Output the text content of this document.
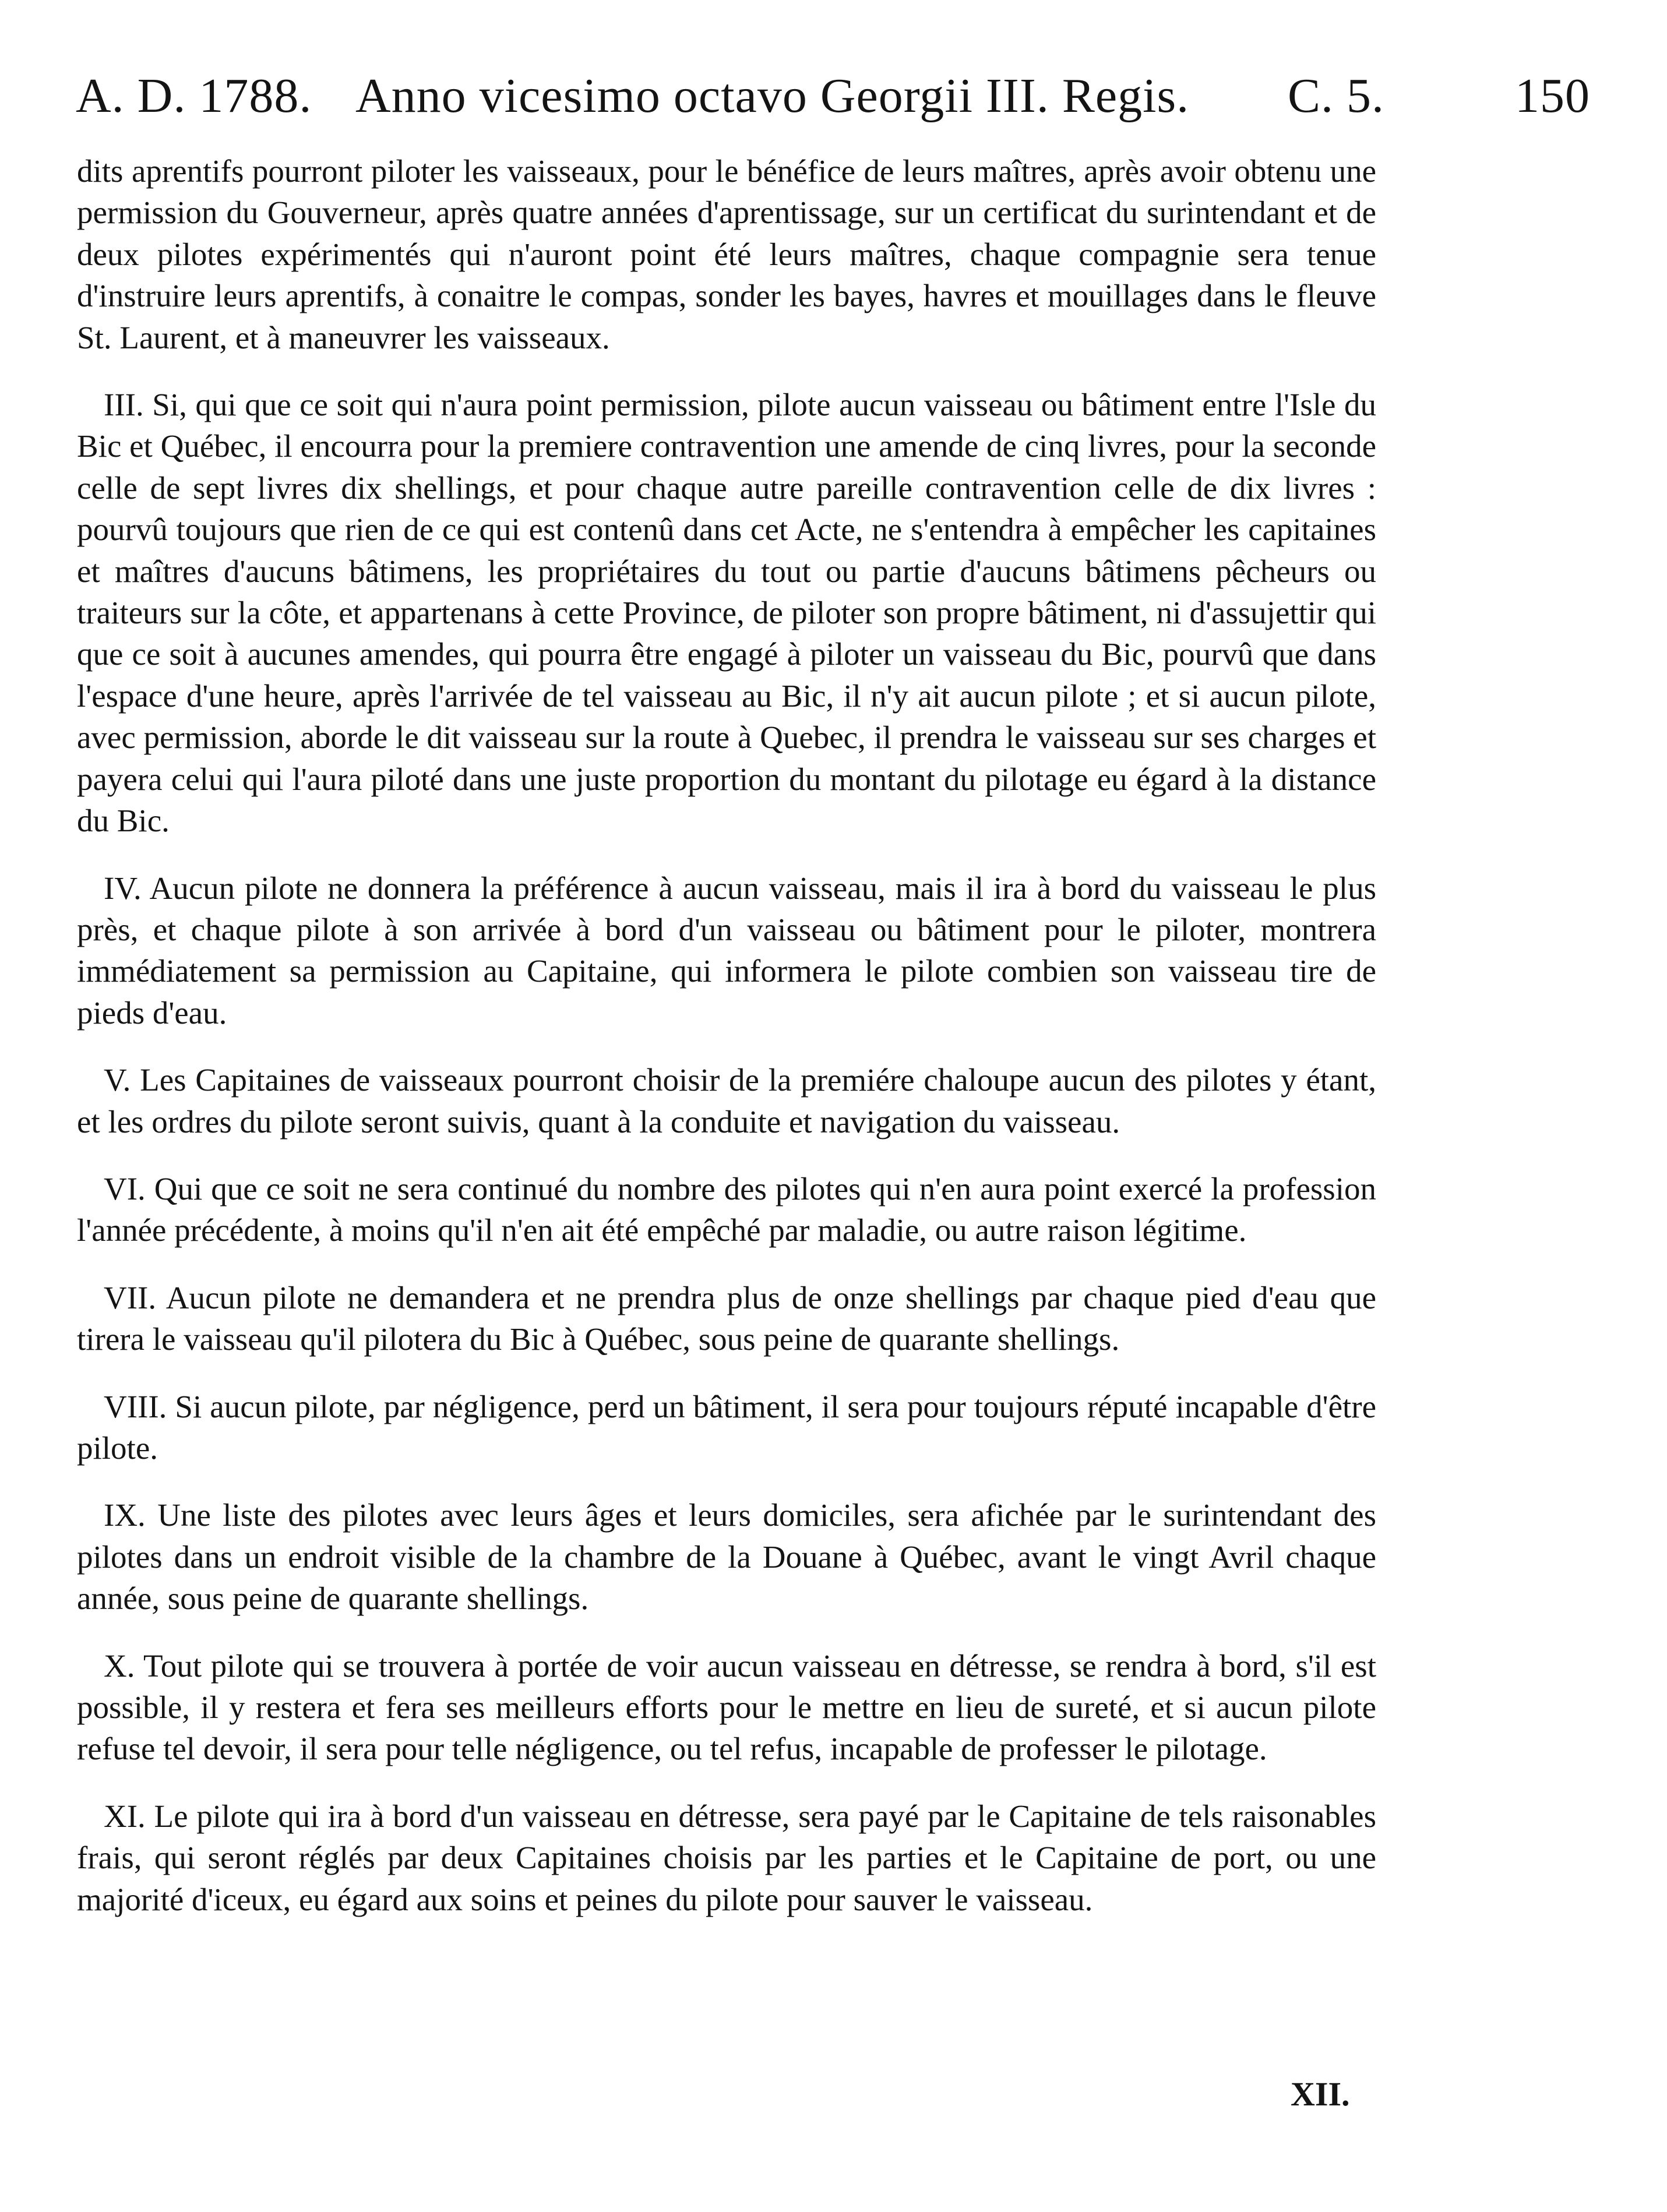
A. D. 1788. Anno vicesimo octavo Georgii III. Regis. C. 5.	150

dits aprentifs pourront piloter les vaisseaux, pour le bénéfice de leurs maîtres, après avoir obtenu une permission du Gouverneur, après quatre années d'aprentissage, sur un certificat du surintendant et de deux pilotes expérimentés qui n'auront point été leurs maîtres, chaque compagnie sera tenue d'instruire leurs aprentifs, à conaitre le compas, sonder les bayes, havres et mouillages dans le fleuve St. Laurent, et à maneuvrer les vaisseaux.

III. Si, qui que ce soit qui n'aura point permission, pilote aucun vaisseau ou bâtiment entre l'Isle du Bic et Québec, il encourra pour la premiere contravention une amende de cinq livres, pour la seconde celle de sept livres dix shellings, et pour chaque autre pareille contravention celle de dix livres : pourvû toujours que rien de ce qui est contenû dans cet Acte, ne s'entendra à empêcher les capitaines et maîtres d'aucuns bâtimens, les propriétaires du tout ou partie d'aucuns bâtimens pêcheurs ou traiteurs sur la côte, et appartenans à cette Province, de piloter son propre bâtiment, ni d'assujettir qui que ce soit à aucunes amendes, qui pourra être engagé à piloter un vaisseau du Bic, pourvû que dans l'espace d'une heure, après l'arrivée de tel vaisseau au Bic, il n'y ait aucun pilote ; et si aucun pilote, avec permission, aborde le dit vaisseau sur la route à Quebec, il prendra le vaisseau sur ses charges et payera celui qui l'aura piloté dans une juste proportion du montant du pilotage eu égard à la distance du Bic.

IV. Aucun pilote ne donnera la préférence à aucun vaisseau, mais il ira à bord du vaisseau le plus près, et chaque pilote à son arrivée à bord d'un vaisseau ou bâtiment pour le piloter, montrera immédiatement sa permission au Capitaine, qui informera le pilote combien son vaisseau tire de pieds d'eau.

V. Les Capitaines de vaisseaux pourront choisir de la premiére chaloupe aucun des pilotes y étant, et les ordres du pilote seront suivis, quant à la conduite et navigation du vaisseau.

VI. Qui que ce soit ne sera continué du nombre des pilotes qui n'en aura point exercé la profession l'année précédente, à moins qu'il n'en ait été empêché par maladie, ou autre raison légitime.

VII. Aucun pilote ne demandera et ne prendra plus de onze shellings par chaque pied d'eau que tirera le vaisseau qu'il pilotera du Bic à Québec, sous peine de quarante shellings.

VIII. Si aucun pilote, par négligence, perd un bâtiment, il sera pour toujours réputé incapable d'être pilote.

IX. Une liste des pilotes avec leurs âges et leurs domiciles, sera afichée par le surintendant des pilotes dans un endroit visible de la chambre de la Douane à Québec, avant le vingt Avril chaque année, sous peine de quarante shellings.

X. Tout pilote qui se trouvera à portée de voir aucun vaisseau en détresse, se rendra à bord, s'il est possible, il y restera et fera ses meilleurs efforts pour le mettre en lieu de sureté, et si aucun pilote refuse tel devoir, il sera pour telle négligence, ou tel refus, incapable de professer le pilotage.

XI. Le pilote qui ira à bord d'un vaisseau en détresse, sera payé par le Capitaine de tels raisonables frais, qui seront réglés par deux Capitaines choisis par les parties et le Capitaine de port, ou une majorité d'iceux, eu égard aux soins et peines du pilote pour sauver le vaisseau.

XII.
